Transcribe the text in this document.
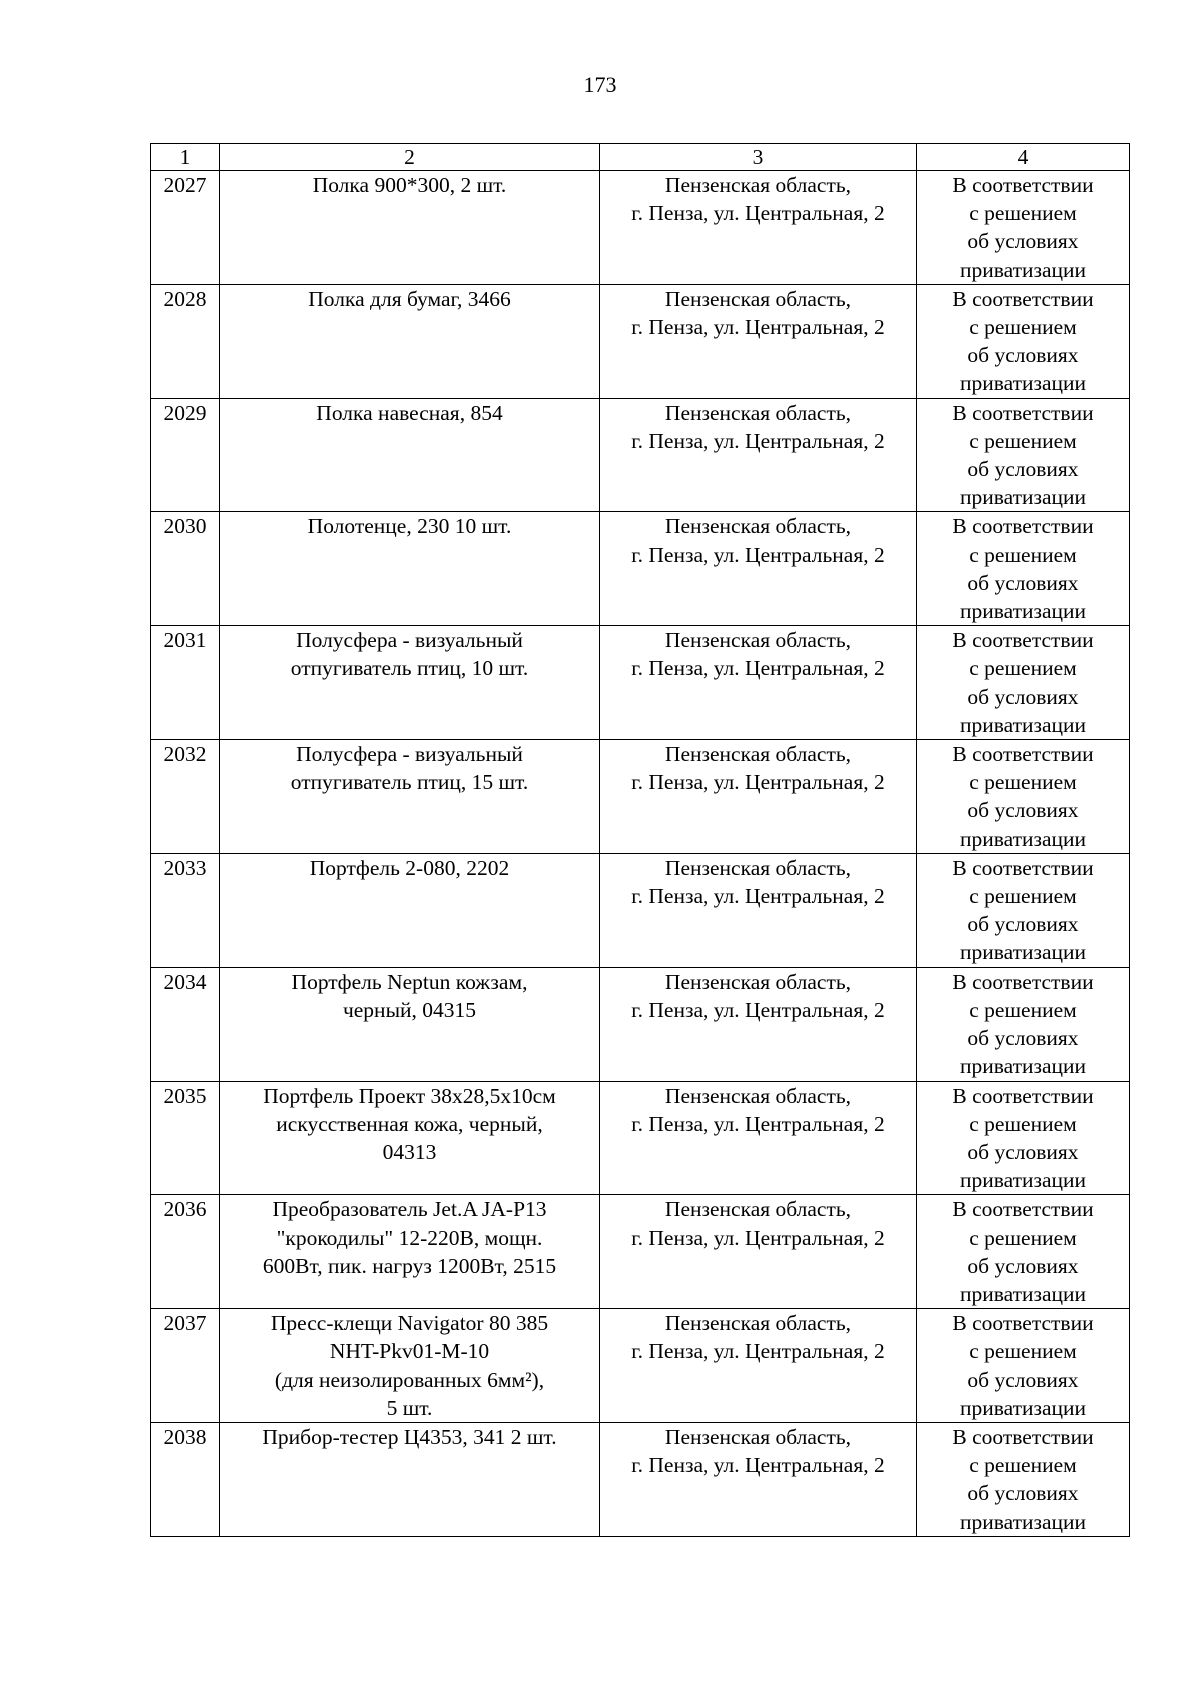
173
1	2	3	4
2027	Полка 900*300, 2 шт.	Пензенская область,
г. Пенза, ул. Центральная, 2	В соответствии
с решением
об условиях
приватизации

2028	Полка для бумаг, 3466	Пензенская область,
г. Пенза, ул. Центральная, 2	В соответствии
с решением
об условиях
приватизации

2029	Полка навесная, 854	Пензенская область,
г. Пенза, ул. Центральная, 2	В соответствии
с решением
об условиях
приватизации

2030	Полотенце, 230 10 шт.	Пензенская область,
г. Пенза, ул. Центральная, 2	В соответствии
с решением
об условиях
приватизации

2031	Полусфера - визуальный
отпугиватель птиц, 10 шт.	Пензенская область,
г. Пенза, ул. Центральная, 2	В соответствии
с решением
об условиях
приватизации

2032	Полусфера - визуальный
отпугиватель птиц, 15 шт.	Пензенская область,
г. Пенза, ул. Центральная, 2	В соответствии
с решением
об условиях
приватизации

2033	Портфель 2-080, 2202	Пензенская область,
г. Пенза, ул. Центральная, 2	В соответствии
с решением
об условиях
приватизации

2034	Портфель Neptun кожзам,
черный, 04315	Пензенская область,
г. Пенза, ул. Центральная, 2	В соответствии
с решением
об условиях
приватизации

2035	Портфель Проект 38x28,5x10см
искусственная кожа, черный,
04313	Пензенская область,
г. Пенза, ул. Центральная, 2	В соответствии
с решением
об условиях
приватизации

2036	Преобразователь Jet.A JA-P13
"крокодилы" 12-220В, мощн.
600Вт, пик. нагруз 1200Вт, 2515	Пензенская область,
г. Пенза, ул. Центральная, 2	В соответствии
с решением
об условиях
приватизации

2037	Пресс-клещи Navigator 80 385
NHT-Pkv01-M-10
(для неизолированных 6мм²),
5 шт.	Пензенская область,
г. Пенза, ул. Центральная, 2	В соответствии
с решением
об условиях
приватизации

2038	Прибор-тестер Ц4353, 341 2 шт.	Пензенская область,
г. Пенза, ул. Центральная, 2	В соответствии
с решением
об условиях
приватизации
